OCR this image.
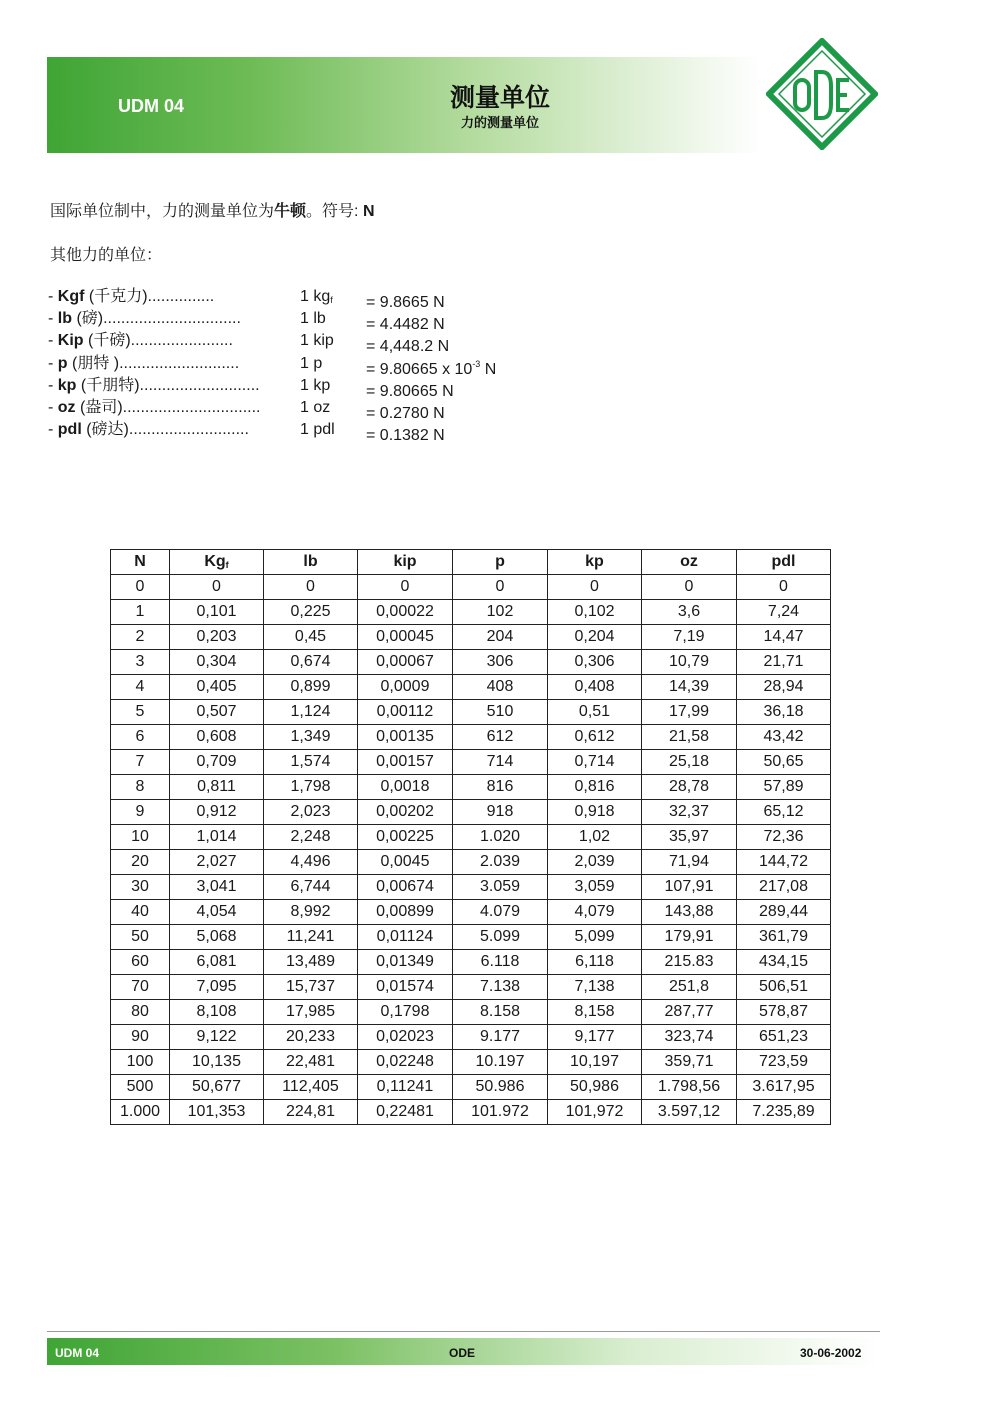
UDM 04	测量单位
力的测量单位
国际单位制中，力的测量单位为牛顿。符号: N
其他力的单位：
- Kgf (千克力)...............	1 $kg_f = 9.8665$ N
- lb (磅)...............................	1 lb	= 4.4482 N
- Kip (千磅).......................	1 kip = 4,448.2 N
- p (朋特 )...........................	1 p	= 9.80665 x $10^{-3}$ N
- kp (千朋特)...........................	1 kp = 9.80665 N
- oz (盎司)............................... 1 oz = 0.2780 N
- pdl (磅达)...........................	1 pdl = 0.1382 N
N	$Kg_f$	lb	kip	p	kp	oz	pdl
0	0	0	0	0	0	0	0
1	0,101	0,225	0,00022	102	0,102	3,6	7,24
2	0,203	0,45	0,00045	204	0,204	7,19	14,47
3	0,304	0,674	0,00067	306	0,306	10,79	21,71
4	0,405	0,899	0,0009	408	0,408	14,39	28,94
5	0,507	1,124	0,00112	510	0,51	17,99	36,18
6	0,608	1,349	0,00135	612	0,612	21,58	43,42
7	0,709	1,574	0,00157	714	0,714	25,18	50,65
8	0,811	1,798	0,0018	816	0,816	28,78	57,89
9	0,912	2,023	0,00202	918	0,918	32,37	65,12
10	1,014	2,248	0,00225	1.020	1,02	35,97	72,36
20	2,027	4,496	0,0045	2.039	2,039	71,94	144,72
30	3,041	6,744	0,00674	3.059	3,059	107,91	217,08
40	4,054	8,992	0,00899	4.079	4,079	143,88	289,44
50	5,068	11,241	0,01124	5.099	5,099	179,91	361,79
60	6,081	13,489	0,01349	6.118	6,118	215.83	434,15
70	7,095	15,737	0,01574	7.138	7,138	251,8	506,51
80	8,108	17,985	0,1798	8.158	8,158	287,77	578,87
90	9,122	20,233	0,02023	9.177	9,177	323,74	651,23
100	10,135	22,481	0,02248	10.197	10,197	359,71	723,59
500	50,677	112,405	0,11241	50.986	50,986	1.798,56	3.617,95
1.000	101,353	224,81	0,22481	101.972	101,972	3.597,12	7.235,89
UDM 04	ODE	30-06-2002
